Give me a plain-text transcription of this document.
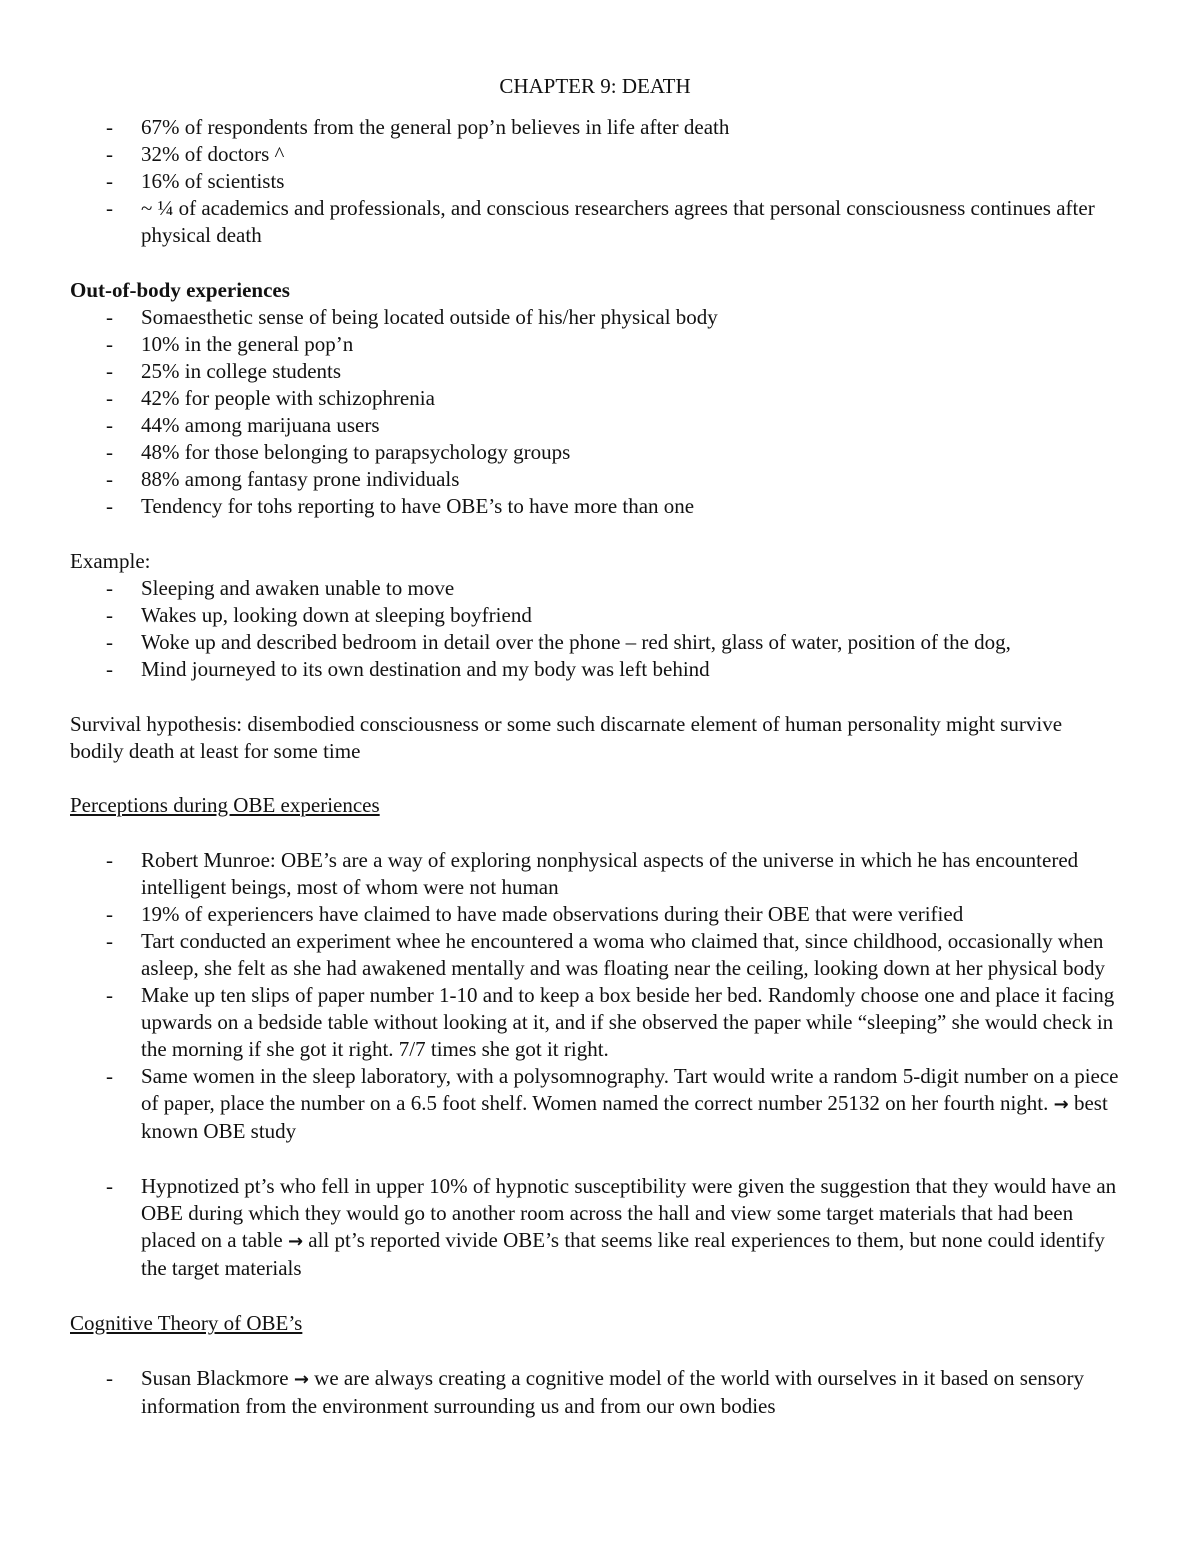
CHAPTER 9: DEATH
- 67% of respondents from the general pop’n believes in life after death
- 32% of doctors ^
- 16% of scientists
- ~ ¼ of academics and professionals, and conscious researchers agrees that personal consciousness continues after physical death

Out-of-body experiences

- Somaesthetic sense of being located outside of his/her physical body
- 10% in the general pop’n
- 25% in college students
- 42% for people with schizophrenia
- 44% among marijuana users
- 48% for those belonging to parapsychology groups
- 88% among fantasy prone individuals
- Tendency for tohs reporting to have OBE’s to have more than one

Example:

- Sleeping and awaken unable to move
- Wakes up, looking down at sleeping boyfriend
- Woke up and described bedroom in detail over the phone – red shirt, glass of water, position of the dog,
- Mind journeyed to its own destination and my body was left behind

Survival hypothesis: disembodied consciousness or some such discarnate element of human personality might survive bodily death at least for some time

Perceptions during OBE experiences

- Robert Munroe: OBE’s are a way of exploring nonphysical aspects of the universe in which he has encountered intelligent beings, most of whom were not human
- 19% of experiencers have claimed to have made observations during their OBE that were verified
- Tart conducted an experiment whee he encountered a woma who claimed that, since childhood, occasionally when asleep, she felt as she had awakened mentally and was floating near the ceiling, looking down at her physical body
- Make up ten slips of paper number 1-10 and to keep a box beside her bed. Randomly choose one and place it facing upwards on a bedside table without looking at it, and if she observed the paper while “sleeping” she would check in the morning if she got it right. 7/7 times she got it right.
- Same women in the sleep laboratory, with a polysomnography. Tart would write a random 5-digit number on a piece of paper, place the number on a 6.5 foot shelf. Women named the correct number 25132 on her fourth night. → best known OBE study
- Hypnotized pt’s who fell in upper 10% of hypnotic susceptibility were given the suggestion that they would have an OBE during which they would go to another room across the hall and view some target materials that had been placed on a table → all pt’s reported vivide OBE’s that seems like real experiences to them, but none could identify the target materials

Cognitive Theory of OBE’s

- Susan Blackmore → we are always creating a cognitive model of the world with ourselves in it based on sensory information from the environment surrounding us and from our own bodies
